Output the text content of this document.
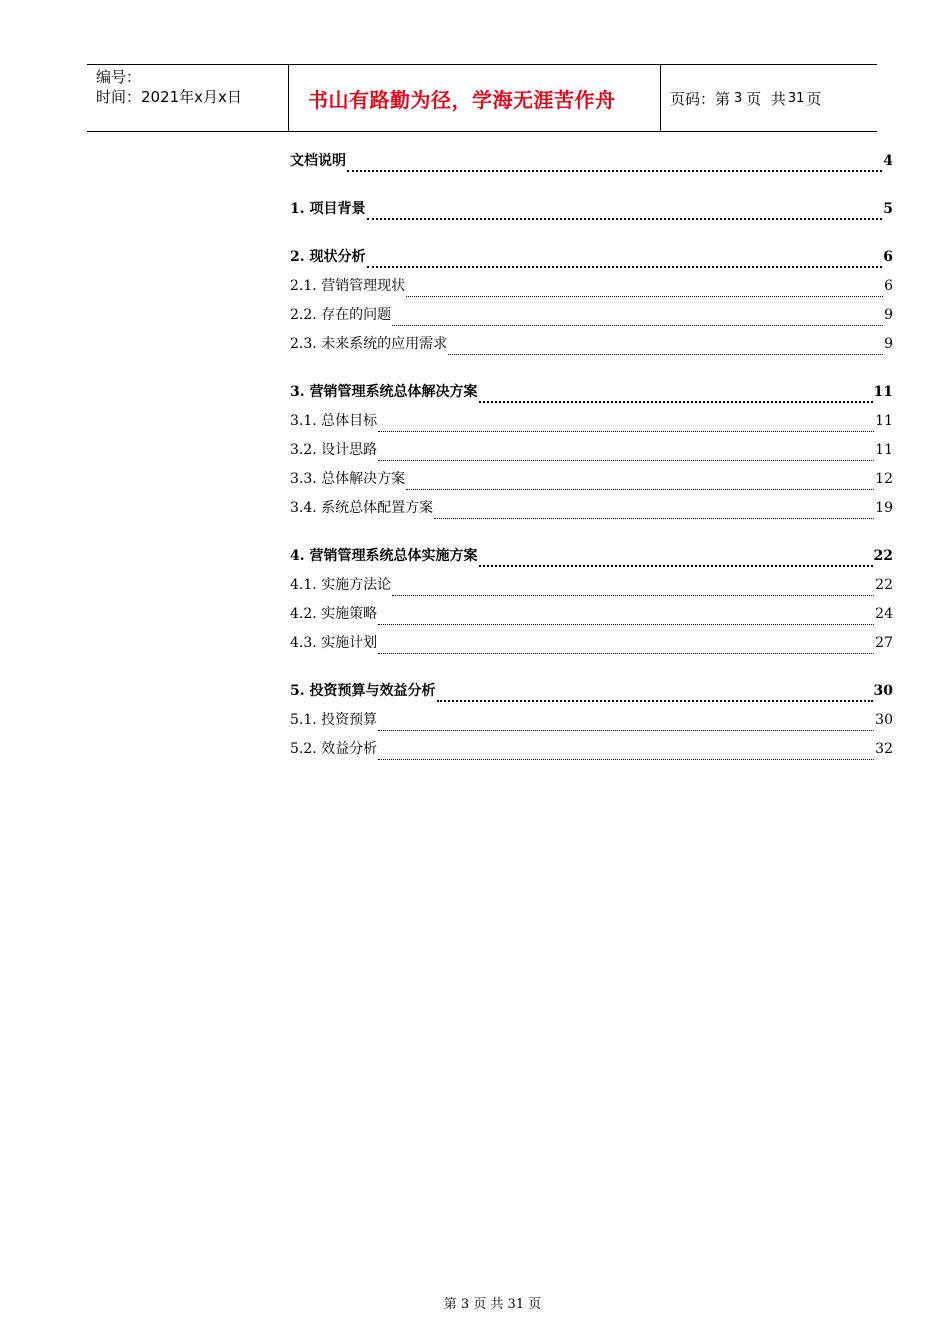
编号：
时间：2021年x月x日	书山有路勤为径，学海无涯苦作舟	页码：第 3 页  共 31 页
文档说明	4
1. 项目背景	5
2. 现状分析	6
2.1. 营销管理现状	6
2.2. 存在的问题	9
2.3. 未来系统的应用需求	9
3. 营销管理系统总体解决方案	11
3.1. 总体目标	11
3.2. 设计思路	11
3.3. 总体解决方案	12
3.4. 系统总体配置方案	19
4. 营销管理系统总体实施方案	22
4.1. 实施方法论	22
4.2. 实施策略	24
4.3. 实施计划	27
5. 投资预算与效益分析	30
5.1. 投资预算	30
5.2. 效益分析	32
第 3 页 共 31 页
